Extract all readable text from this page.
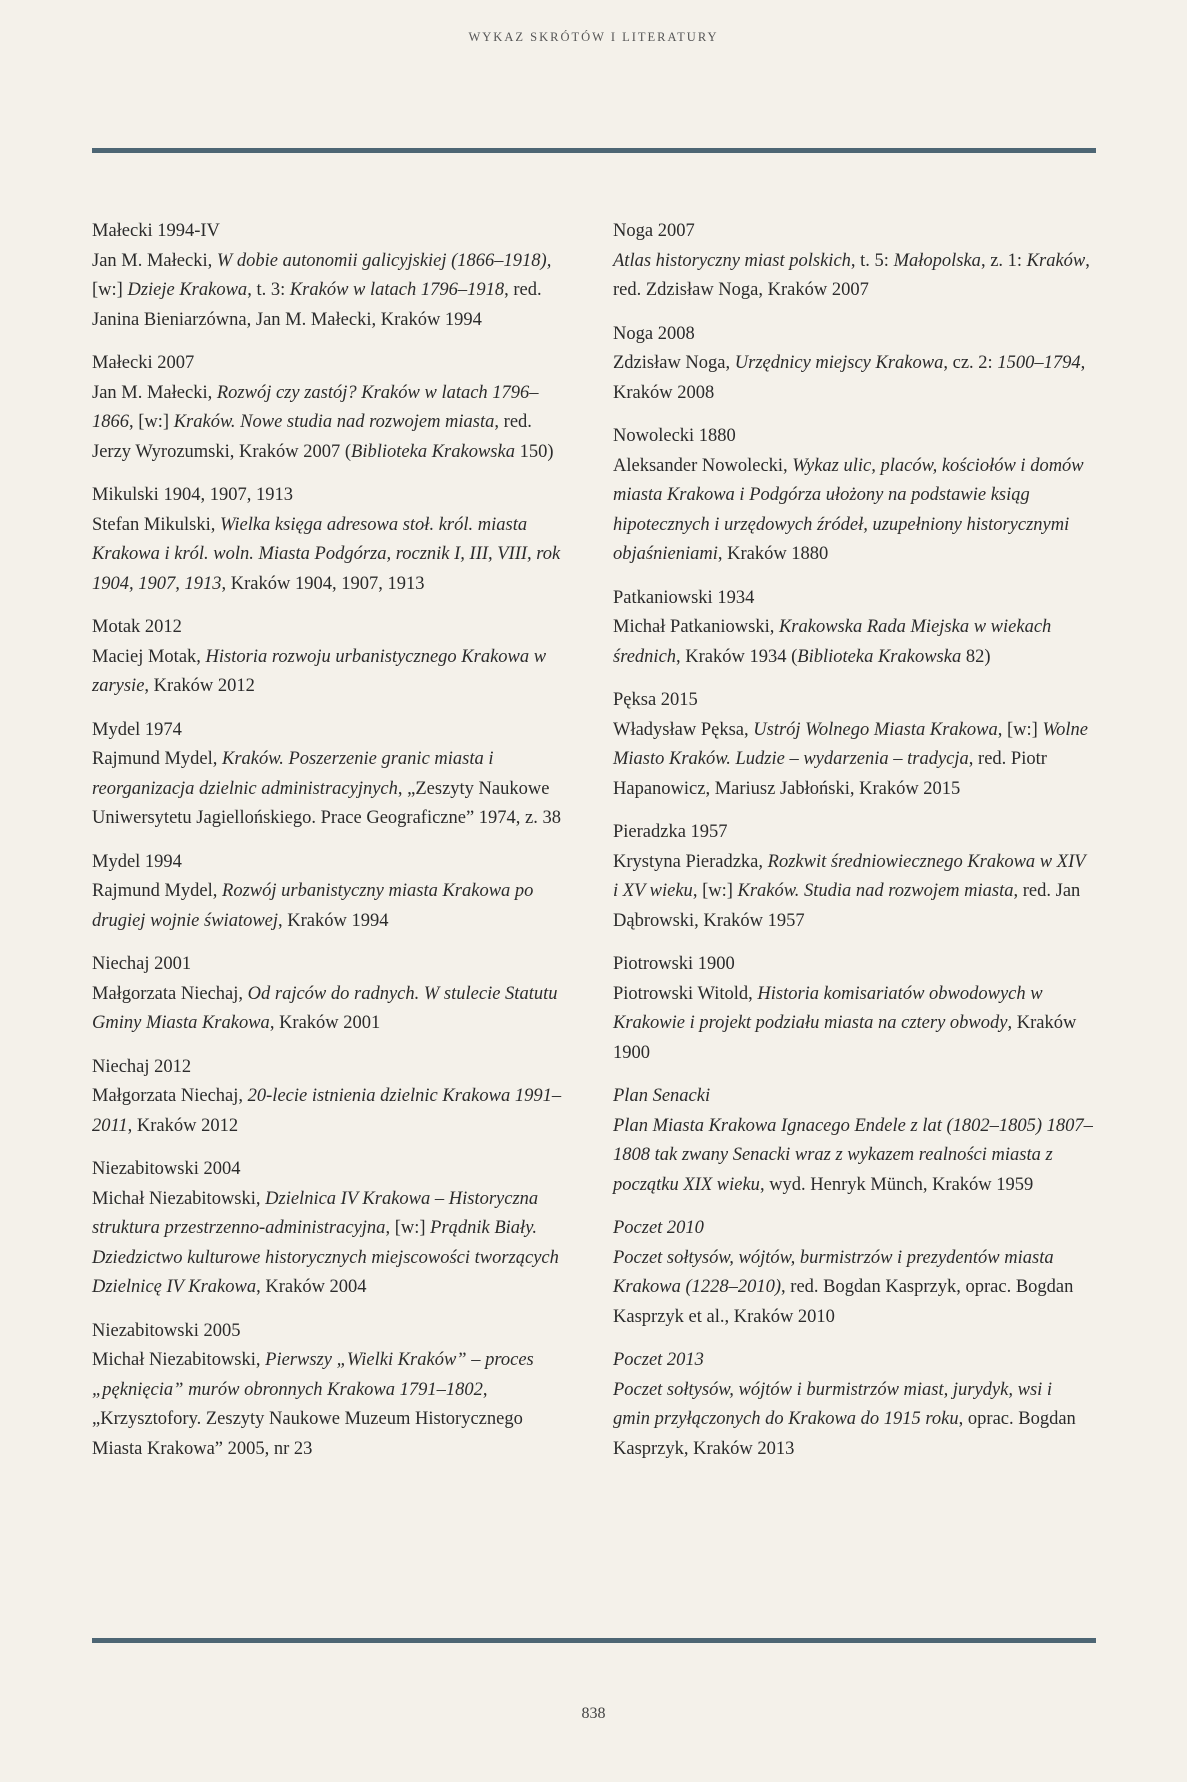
WYKAZ SKRÓTÓW I LITERATURY
Małecki 1994-IV
Jan M. Małecki, W dobie autonomii galicyjskiej (1866–1918), [w:] Dzieje Krakowa, t. 3: Kraków w latach 1796–1918, red. Janina Bieniarzówna, Jan M. Małecki, Kraków 1994
Małecki 2007
Jan M. Małecki, Rozwój czy zastój? Kraków w latach 1796–1866, [w:] Kraków. Nowe studia nad rozwojem miasta, red. Jerzy Wyrozumski, Kraków 2007 (Biblioteka Krakowska 150)
Mikulski 1904, 1907, 1913
Stefan Mikulski, Wielka księga adresowa stoł. król. miasta Krakowa i król. woln. Miasta Podgórza, rocznik I, III, VIII, rok 1904, 1907, 1913, Kraków 1904, 1907, 1913
Motak 2012
Maciej Motak, Historia rozwoju urbanistycznego Krakowa w zarysie, Kraków 2012
Mydel 1974
Rajmund Mydel, Kraków. Poszerzenie granic miasta i reorganizacja dzielnic administracyjnych, „Zeszyty Naukowe Uniwersytetu Jagiellońskiego. Prace Geograficzne” 1974, z. 38
Mydel 1994
Rajmund Mydel, Rozwój urbanistyczny miasta Krakowa po drugiej wojnie światowej, Kraków 1994
Niechaj 2001
Małgorzata Niechaj, Od rajców do radnych. W stulecie Statutu Gminy Miasta Krakowa, Kraków 2001
Niechaj 2012
Małgorzata Niechaj, 20-lecie istnienia dzielnic Krakowa 1991–2011, Kraków 2012
Niezabitowski 2004
Michał Niezabitowski, Dzielnica IV Krakowa – Historyczna struktura przestrzenno-administracyjna, [w:] Prądnik Biały. Dziedzictwo kulturowe historycznych miejscowości tworzących Dzielnicę IV Krakowa, Kraków 2004
Niezabitowski 2005
Michał Niezabitowski, Pierwszy „Wielki Kraków” – proces „pęknięcia” murów obronnych Krakowa 1791–1802, „Krzysztofory. Zeszyty Naukowe Muzeum Historycznego Miasta Krakowa” 2005, nr 23
Noga 2007
Atlas historyczny miast polskich, t. 5: Małopolska, z. 1: Kraków, red. Zdzisław Noga, Kraków 2007
Noga 2008
Zdzisław Noga, Urzędnicy miejscy Krakowa, cz. 2: 1500–1794, Kraków 2008
Nowolecki 1880
Aleksander Nowolecki, Wykaz ulic, placów, kościołów i domów miasta Krakowa i Podgórza ułożony na podstawie ksiąg hipotecznych i urzędowych źródeł, uzupełniony historycznymi objaśnieniami, Kraków 1880
Patkaniowski 1934
Michał Patkaniowski, Krakowska Rada Miejska w wiekach średnich, Kraków 1934 (Biblioteka Krakowska 82)
Pęksa 2015
Władysław Pęksa, Ustrój Wolnego Miasta Krakowa, [w:] Wolne Miasto Kraków. Ludzie – wydarzenia – tradycja, red. Piotr Hapanowicz, Mariusz Jabłoński, Kraków 2015
Pieradzka 1957
Krystyna Pieradzka, Rozkwit średniowiecznego Krakowa w XIV i XV wieku, [w:] Kraków. Studia nad rozwojem miasta, red. Jan Dąbrowski, Kraków 1957
Piotrowski 1900
Piotrowski Witold, Historia komisariatów obwodowych w Krakowie i projekt podziału miasta na cztery obwody, Kraków 1900
Plan Senacki
Plan Miasta Krakowa Ignacego Endele z lat (1802–1805) 1807–1808 tak zwany Senacki wraz z wykazem realności miasta z początku XIX wieku, wyd. Henryk Münch, Kraków 1959
Poczet 2010
Poczet sołtysów, wójtów, burmistrzów i prezydentów miasta Krakowa (1228–2010), red. Bogdan Kasprzyk, oprac. Bogdan Kasprzyk et al., Kraków 2010
Poczet 2013
Poczet sołtysów, wójtów i burmistrzów miast, jurydyk, wsi i gmin przyłączonych do Krakowa do 1915 roku, oprac. Bogdan Kasprzyk, Kraków 2013
838
